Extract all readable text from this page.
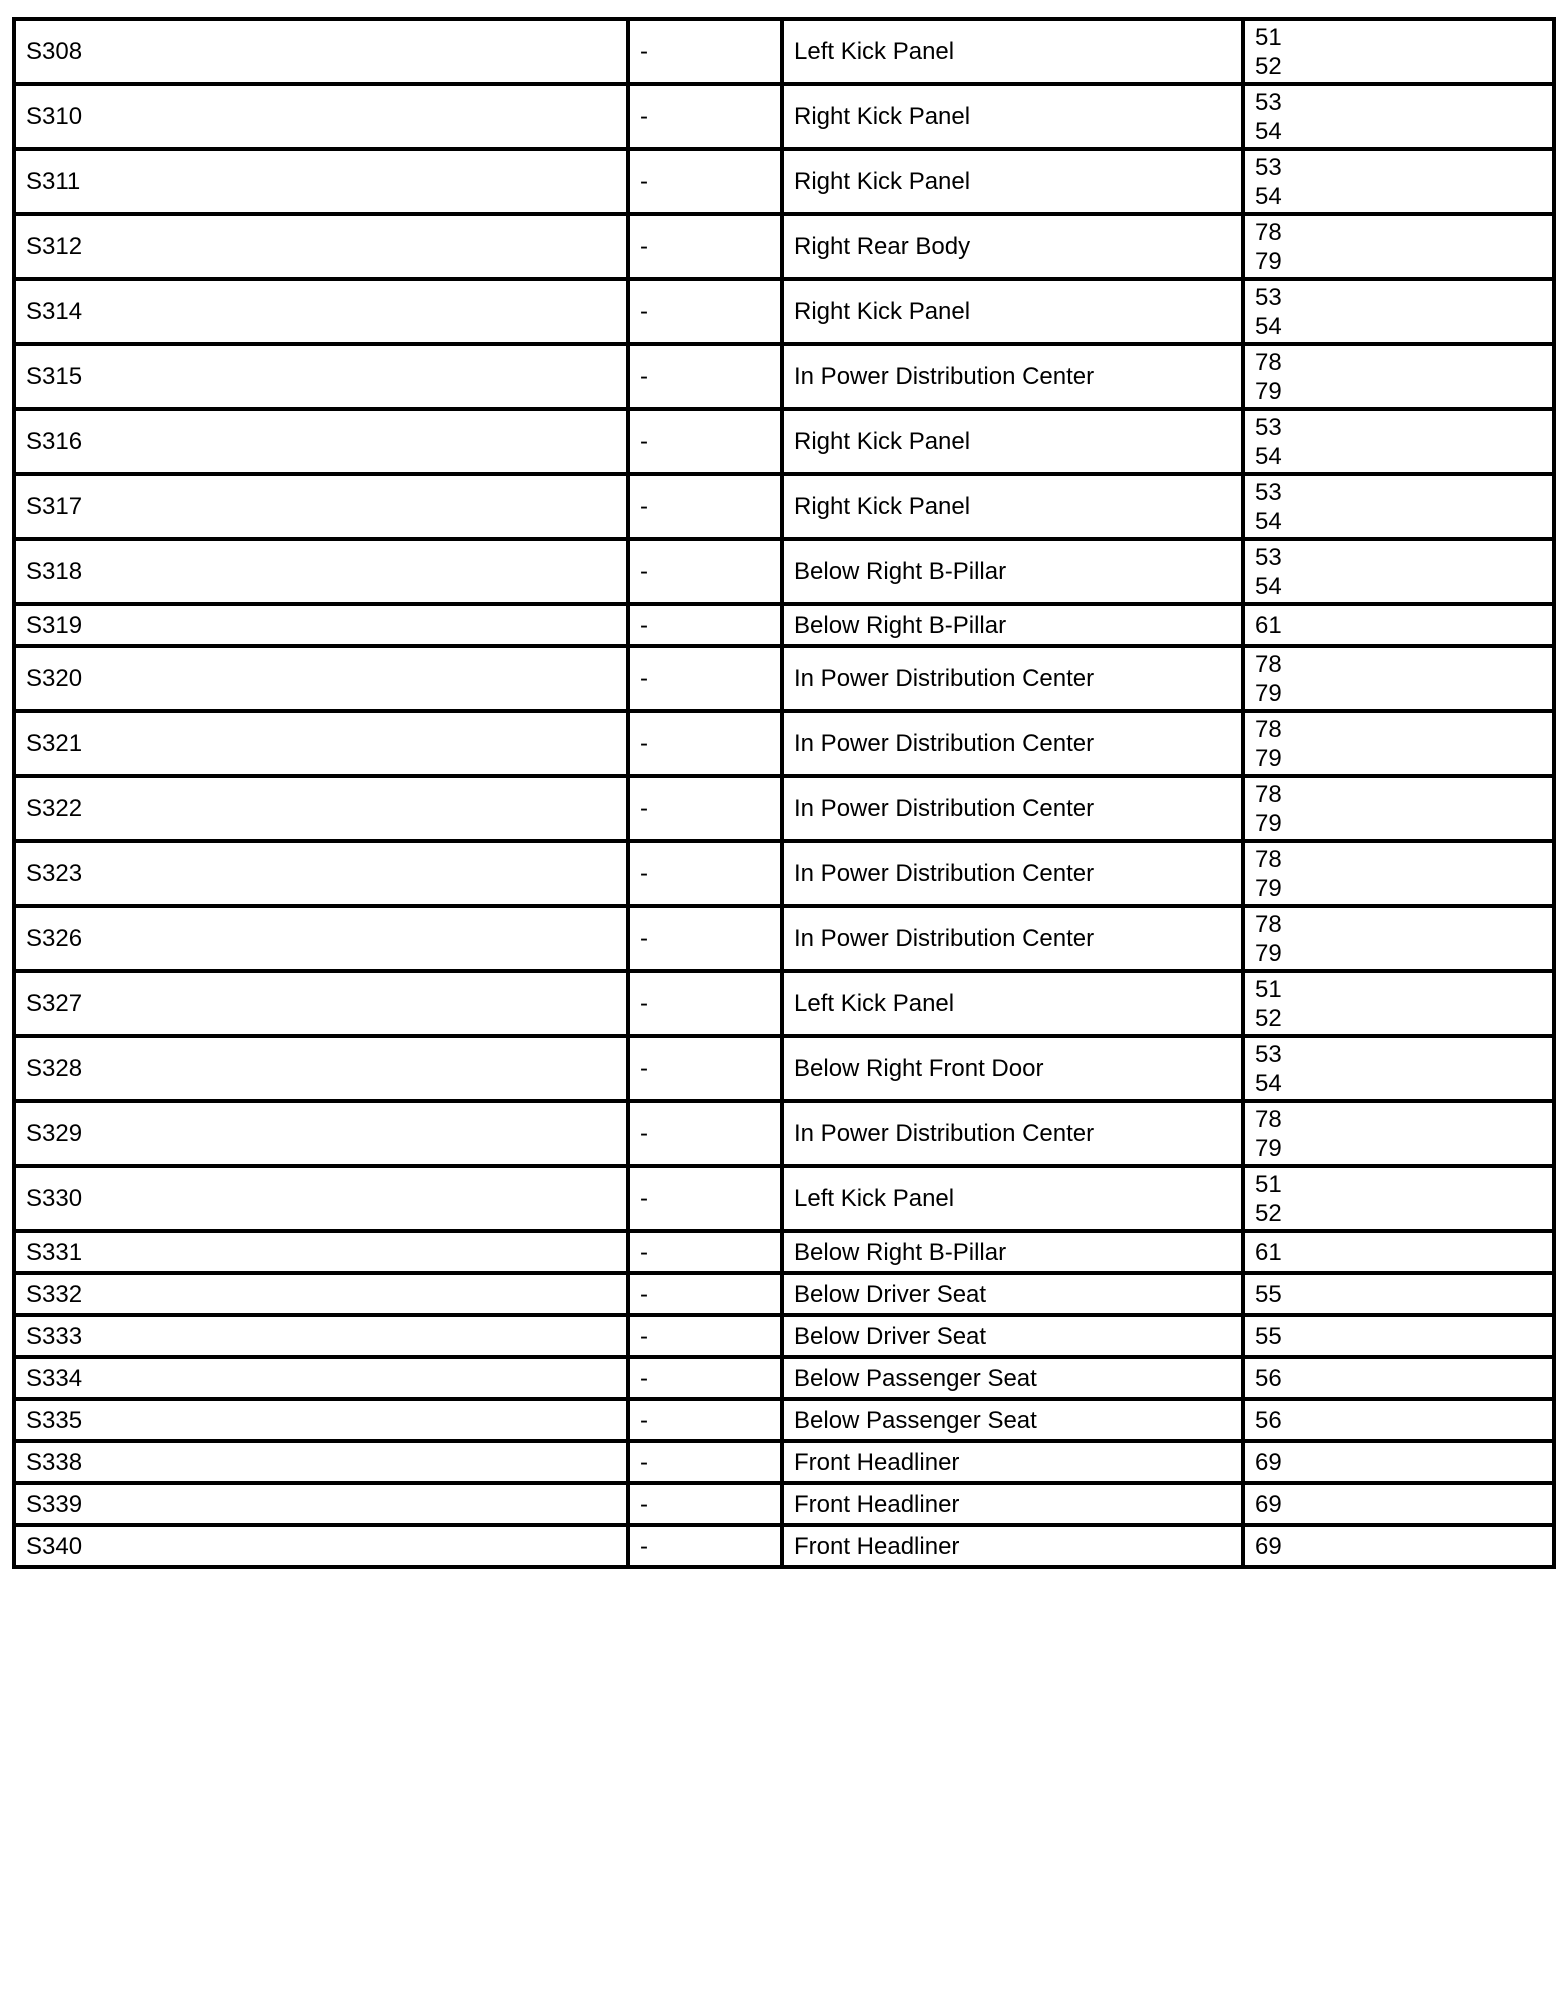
S308	-	Left Kick Panel	51
52

S310	-	Right Kick Panel	53
54

S311	-	Right Kick Panel	53
54

S312	-	Right Rear Body	78
79

S314	-	Right Kick Panel	53
54

S315	-	In Power Distribution Center	78
79

S316	-	Right Kick Panel	53
54

S317	-	Right Kick Panel	53
54

S318	-	Below Right B-Pillar	53
54

S319	-	Below Right B-Pillar	61

S320	-	In Power Distribution Center	78
79

S321	-	In Power Distribution Center	78
79

S322	-	In Power Distribution Center	78
79

S323	-	In Power Distribution Center	78
79

S326	-	In Power Distribution Center	78
79

S327	-	Left Kick Panel	51
52

S328	-	Below Right Front Door	53
54

S329	-	In Power Distribution Center	78
79

S330	-	Left Kick Panel	51
52

S331	-	Below Right B-Pillar	61

S332	-	Below Driver Seat	55

S333	-	Below Driver Seat	55

S334	-	Below Passenger Seat	56

S335	-	Below Passenger Seat	56

S338	-	Front Headliner	69

S339	-	Front Headliner	69

S340	-	Front Headliner	69
